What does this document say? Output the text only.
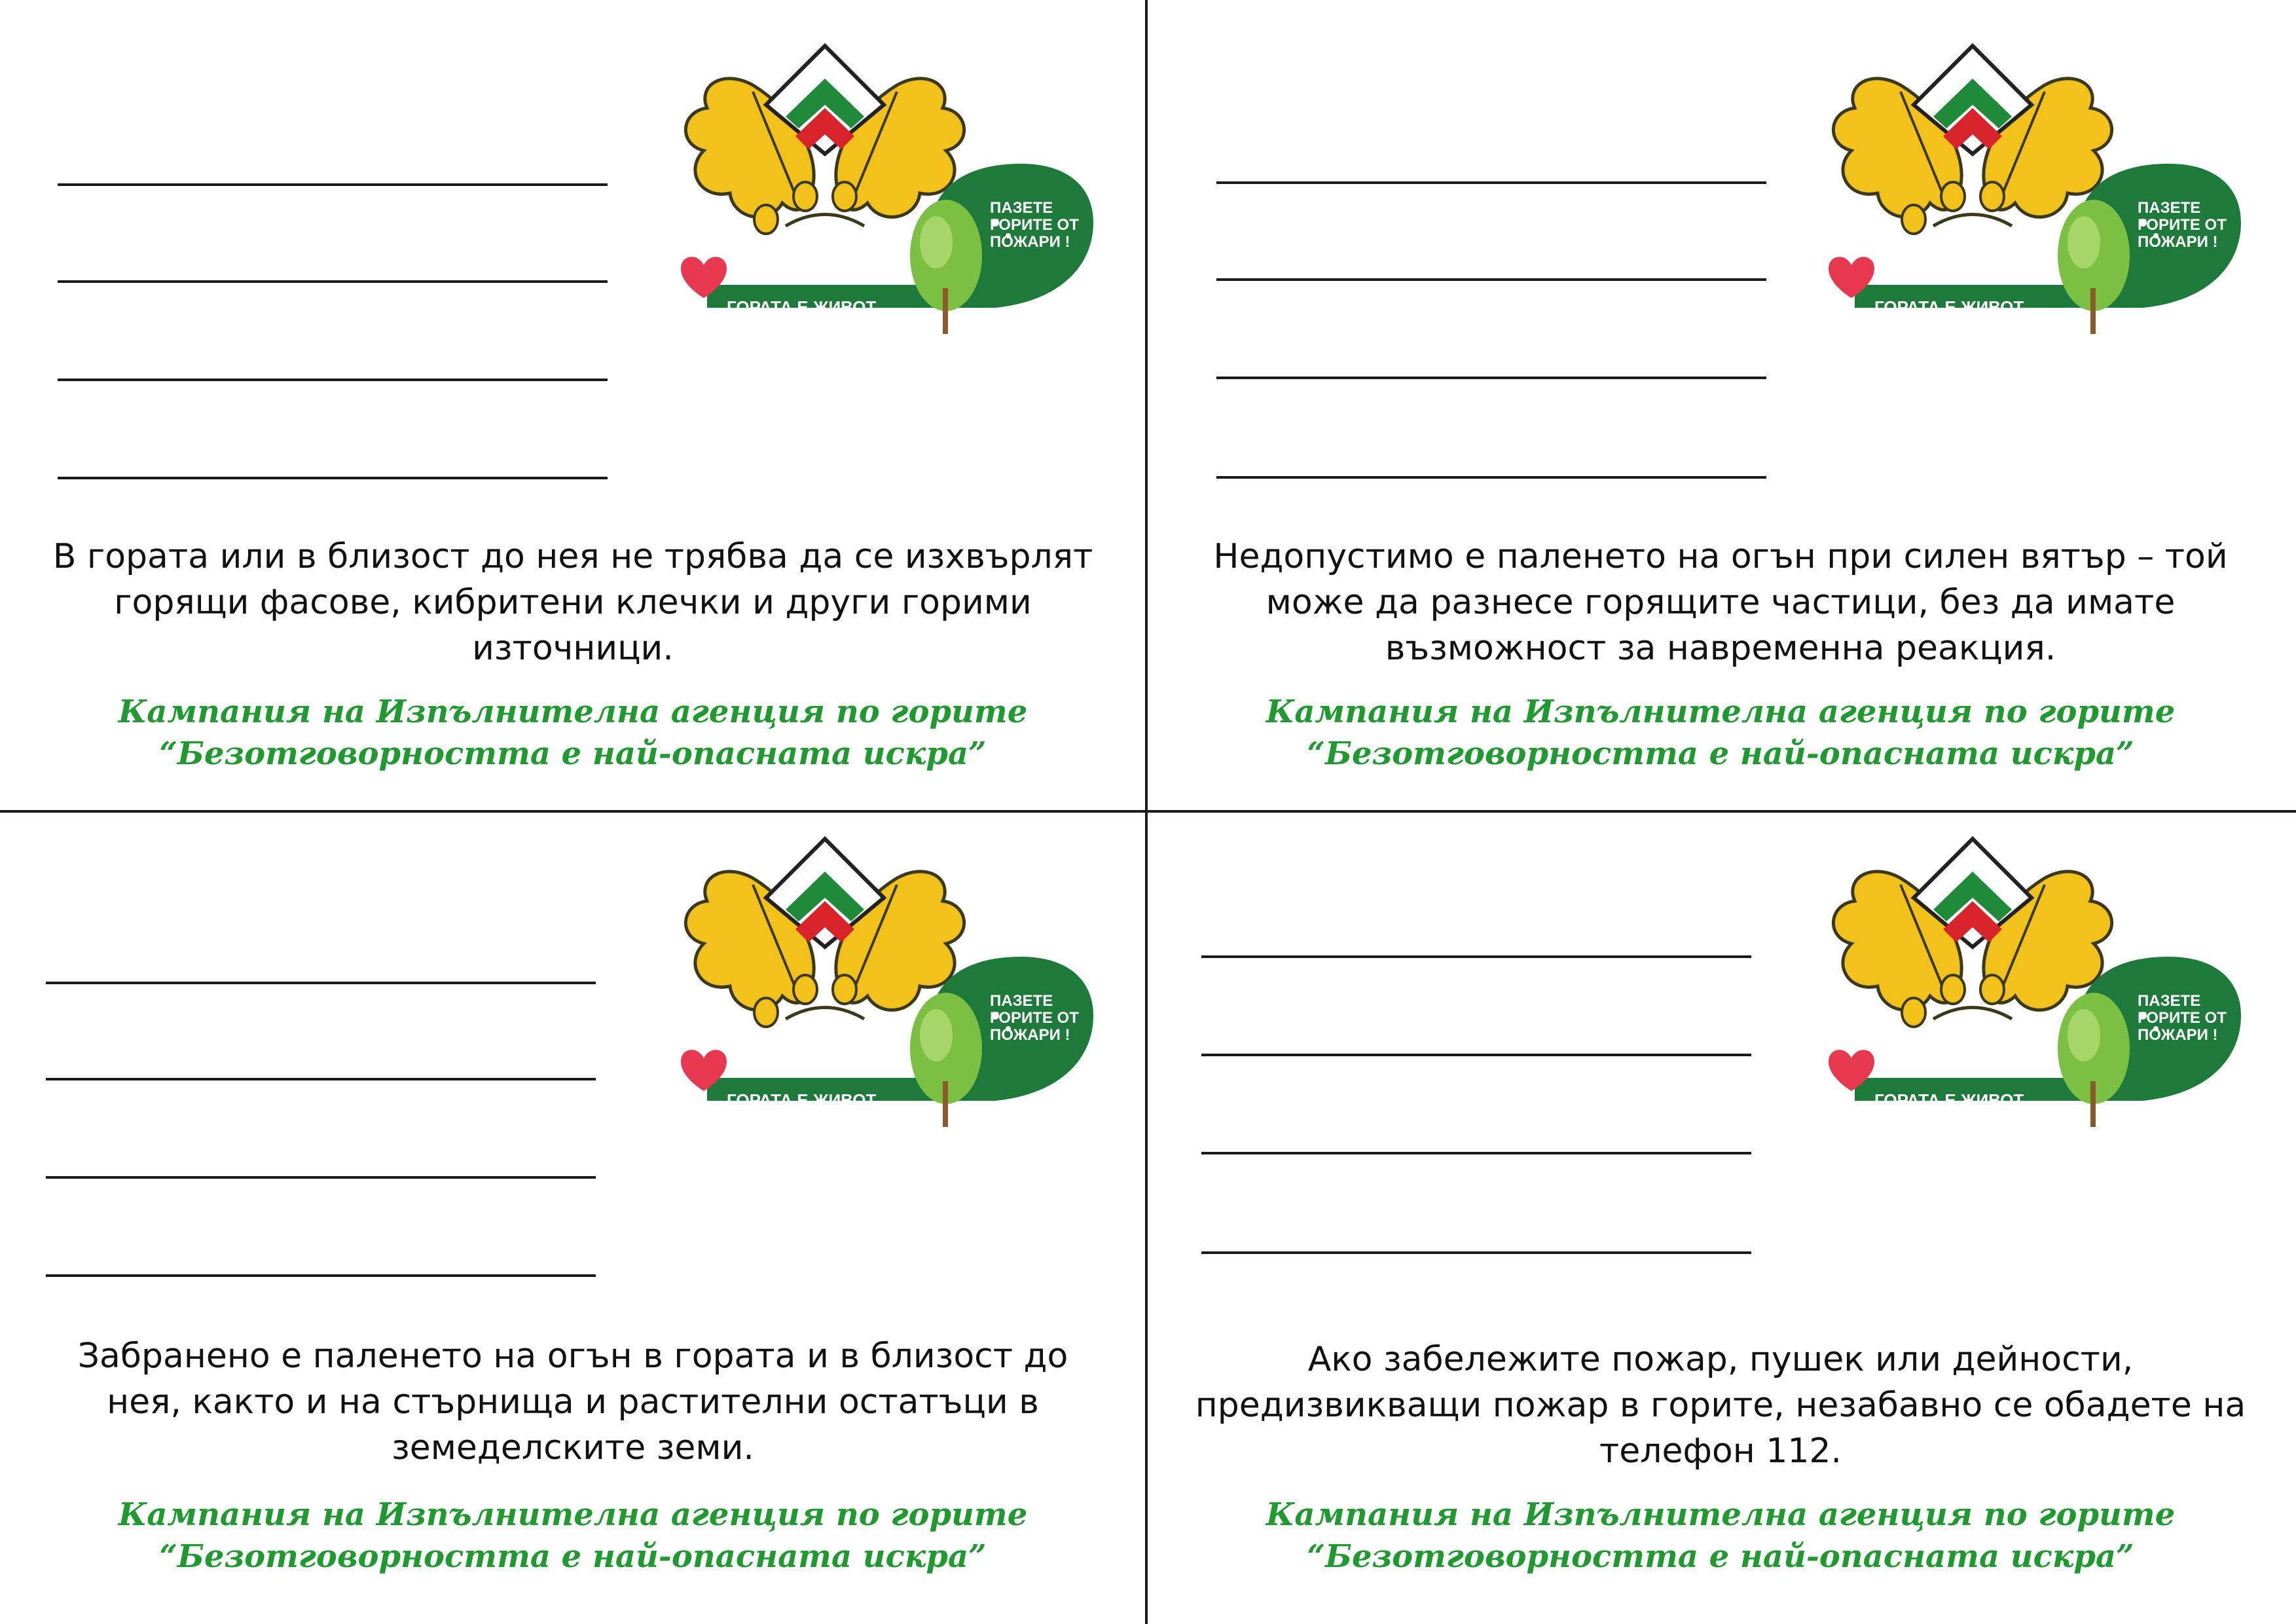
ПАЗЕТЕ ГОРИТЕ ОТ ПОЖАРИ !
ГОРАТА Е ЖИВОТ

В гората или в близост до нея не трябва да се изхвърлят горящи фасове, кибритени клечки и други горими източници.

Кампания на Изпълнителна агенция по горите
“Безотговорността е най-опасната искра”
ПАЗЕТЕ ГОРИТЕ ОТ ПОЖАРИ !
ГОРАТА Е ЖИВОТ

Недопустимо е паленето на огън при силен вятър – той може да разнесе горящите частици, без да имате възможност за навременна реакция.

Кампания на Изпълнителна агенция по горите
“Безотговорността е най-опасната искра”
ПАЗЕТЕ ГОРИТЕ ОТ ПОЖАРИ !
ГОРАТА Е ЖИВОТ

Забранено е паленето на огън в гората и в близост до нея, както и на стърнища и растителни остатъци в земеделските земи.

Кампания на Изпълнителна агенция по горите
“Безотговорността е най-опасната искра”
ПАЗЕТЕ ГОРИТЕ ОТ ПОЖАРИ !
ГОРАТА Е ЖИВОТ

Ако забележите пожар, пушек или дейности, предизвикващи пожар в горите, незабавно се обадете на телефон 112.

Кампания на Изпълнителна агенция по горите
“Безотговорността е най-опасната искра”
